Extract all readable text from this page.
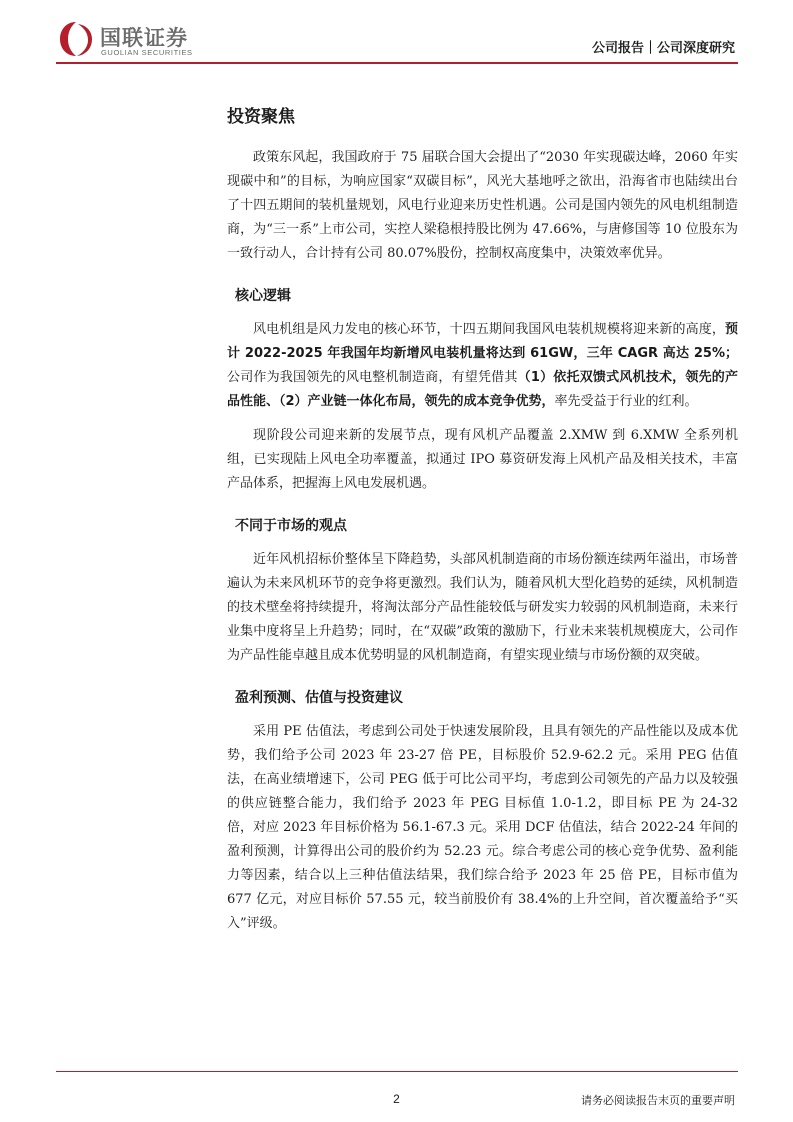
国联证券
GUOLIAN SECURITIES	公司报告｜公司深度研究
投资聚焦

政策东风起，我国政府于 75 届联合国大会提出了“2030 年实现碳达峰，2060 年实现碳中和”的目标，为响应国家“双碳目标”，风光大基地呼之欲出，沿海省市也陆续出台了十四五期间的装机量规划，风电行业迎来历史性机遇。公司是国内领先的风电机组制造商，为“三一系”上市公司，实控人梁稳根持股比例为 47.66%，与唐修国等 10 位股东为一致行动人，合计持有公司 80.07%股份，控制权高度集中，决策效率优异。

核心逻辑

风电机组是风力发电的核心环节，十四五期间我国风电装机规模将迎来新的高度，预计 2022-2025 年我国年均新增风电装机量将达到 61GW，三年 CAGR 高达 25%；公司作为我国领先的风电整机制造商，有望凭借其（1）依托双馈式风机技术，领先的产品性能、（2）产业链一体化布局，领先的成本竞争优势，率先受益于行业的红利。

现阶段公司迎来新的发展节点，现有风机产品覆盖 2.XMW 到 6.XMW 全系列机组，已实现陆上风电全功率覆盖，拟通过 IPO 募资研发海上风机产品及相关技术，丰富产品体系，把握海上风电发展机遇。

不同于市场的观点

近年风机招标价整体呈下降趋势，头部风机制造商的市场份额连续两年溢出，市场普遍认为未来风机环节的竞争将更激烈。我们认为，随着风机大型化趋势的延续，风机制造的技术壁垒将持续提升，将淘汰部分产品性能较低与研发实力较弱的风机制造商，未来行业集中度将呈上升趋势；同时，在“双碳”政策的激励下，行业未来装机规模庞大，公司作为产品性能卓越且成本优势明显的风机制造商，有望实现业绩与市场份额的双突破。

盈利预测、估值与投资建议

采用 PE 估值法，考虑到公司处于快速发展阶段，且具有领先的产品性能以及成本优势，我们给予公司 2023 年 23-27 倍 PE，目标股价 52.9-62.2 元。采用 PEG 估值法，在高业绩增速下，公司 PEG 低于可比公司平均，考虑到公司领先的产品力以及较强的供应链整合能力，我们给予 2023 年 PEG 目标值 1.0-1.2，即目标 PE 为 24-32 倍，对应 2023 年目标价格为 56.1-67.3 元。采用 DCF 估值法，结合 2022-24 年间的盈利预测，计算得出公司的股价约为 52.23 元。综合考虑公司的核心竞争优势、盈利能力等因素，结合以上三种估值法结果，我们综合给予 2023 年 25 倍 PE，目标市值为 677 亿元，对应目标价 57.55 元，较当前股价有 38.4%的上升空间，首次覆盖给予“买入”评级。

2	请务必阅读报告末页的重要声明
